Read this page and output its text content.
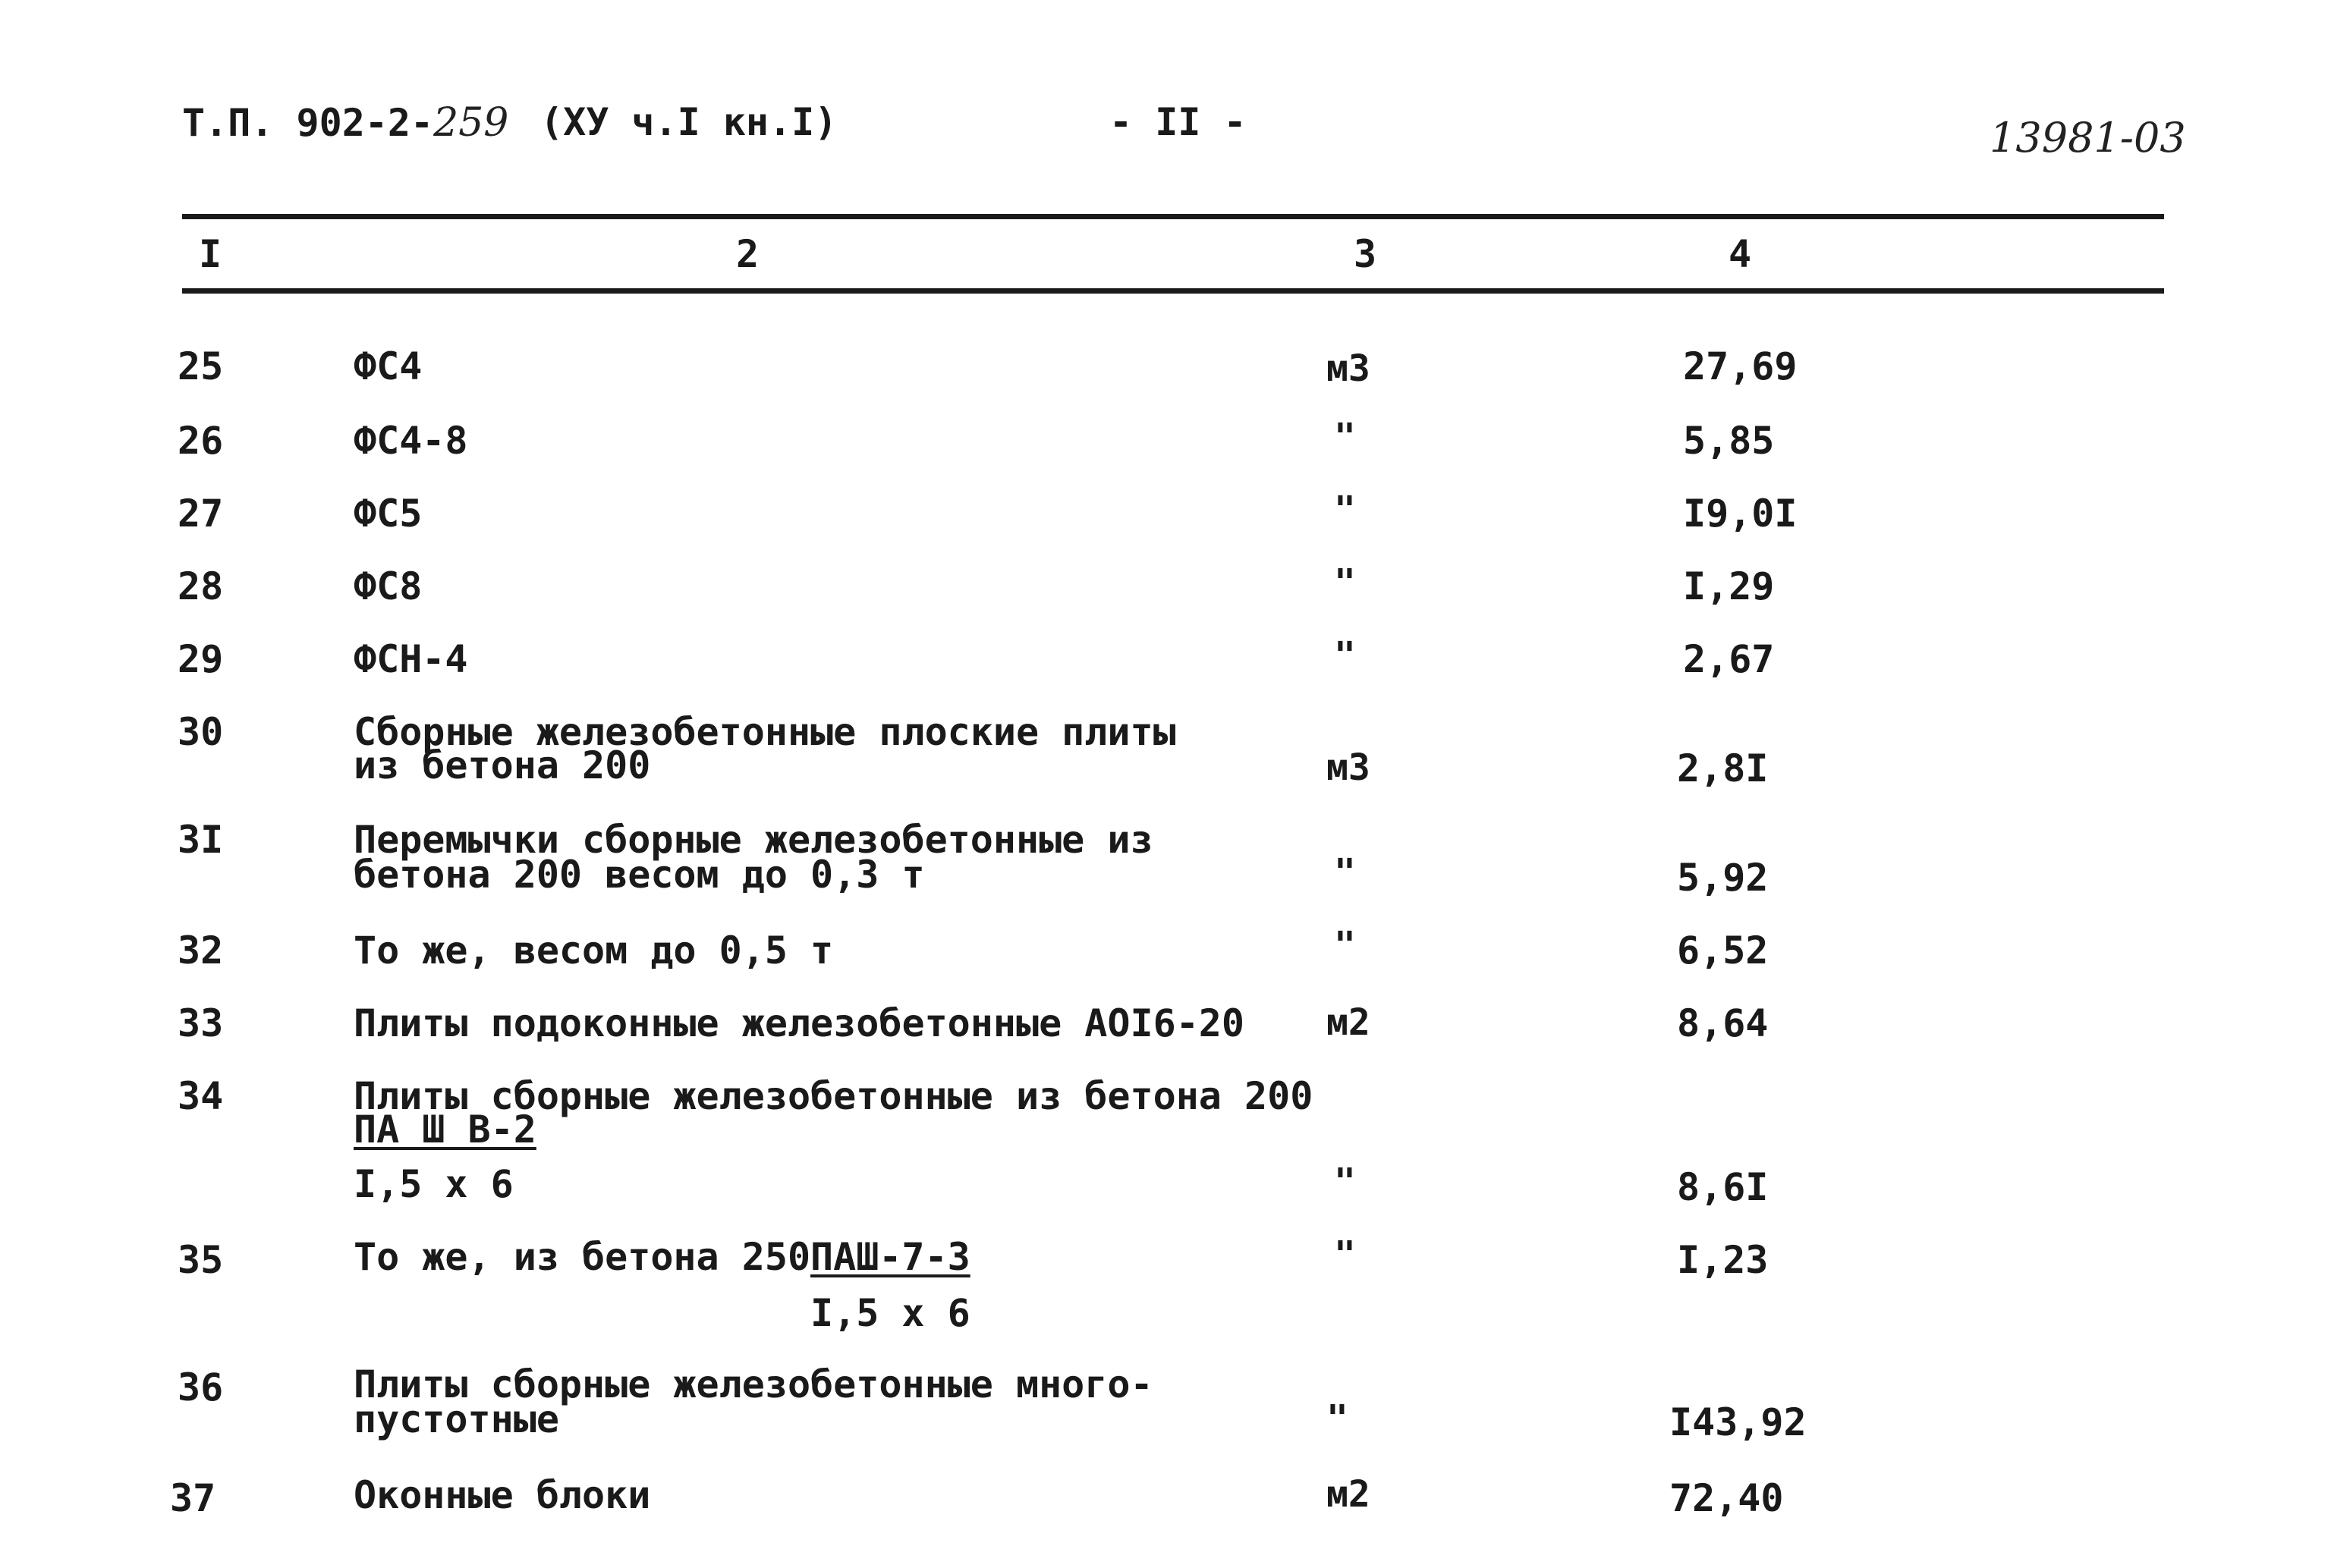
Т.П. 902-2-259 (ХУ ч.I кн.I)	- II -	13981-03
I	2	3	4
25	ФС4	м3	27,69
26	ФС4-8	"	5,85
27	ФС5	"	I9,0I
28	ФС8	"	I,29
29	ФСН-4	"	2,67
30	Сборные железобетонные плоские плиты
из бетона 200	м3	2,8I
3I	Перемычки сборные железобетонные из
бетона 200 весом до 0,3 т	"	5,92
32	То же, весом до 0,5 т	"	6,52
33	Плиты подоконные железобетонные АОI6-20 м2	8,64
34	Плиты сборные железобетонные из бетона 200
ПА Ш В-2
I,5 х 6	"	8,6I
35	То же, из бетона 250 ПАШ-7-3
I,5 х 6
"	I,23
36	Плиты сборные железобетонные много-
пустотные	"	I43,92
37	Оконные блоки	м2	72,40
